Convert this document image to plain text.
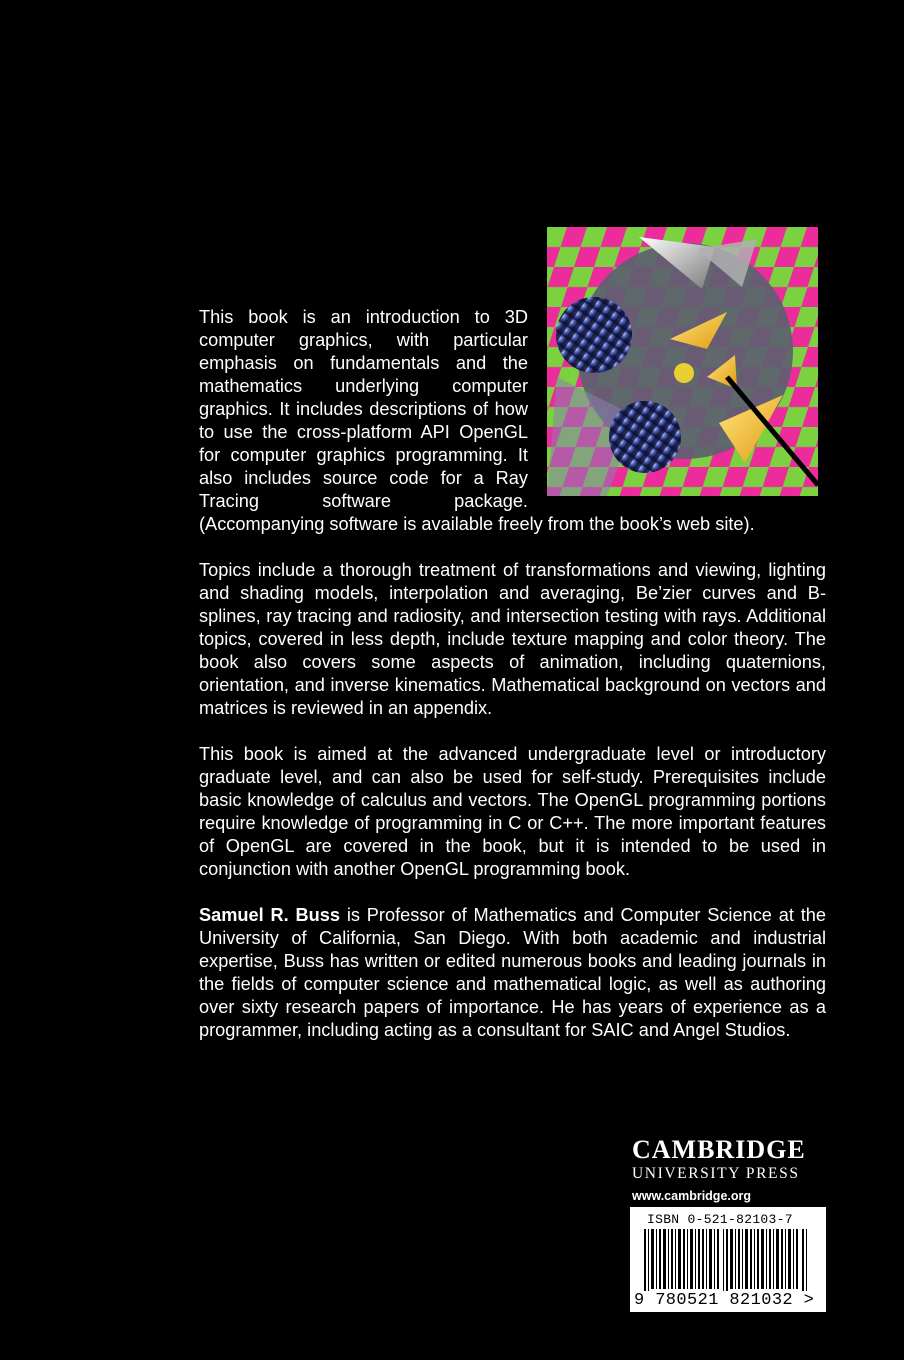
This book is an introduction to 3D computer graphics, with particular emphasis on fundamentals and the mathematics underlying computer graphics. It includes descriptions of how to use the cross-platform API OpenGL for computer graphics programming. It also includes source code for a Ray Tracing software package. (Accompanying software is available freely from the book’s web site).

Topics include a thorough treatment of transformations and viewing, lighting and shading models, interpolation and averaging, Be’zier curves and B-splines, ray tracing and radiosity, and intersection testing with rays. Additional topics, covered in less depth, include texture mapping and color theory. The book also covers some aspects of animation, including quaternions, orientation, and inverse kinematics. Mathematical background on vectors and matrices is reviewed in an appendix.

This book is aimed at the advanced undergraduate level or introductory graduate level, and can also be used for self-study. Prerequisites include basic knowledge of calculus and vectors. The OpenGL programming portions require knowledge of programming in C or C++. The more important features of OpenGL are covered in the book, but it is intended to be used in conjunction with another OpenGL programming book.

Samuel R. Buss is Professor of Mathematics and Computer Science at the University of California, San Diego. With both academic and industrial expertise, Buss has written or edited numerous books and leading journals in the fields of computer science and mathematical logic, as well as authoring over sixty research papers of importance. He has years of experience as a programmer, including acting as a consultant for SAIC and Angel Studios.

CAMBRIDGE
UNIVERSITY PRESS
www.cambridge.org
ISBN 0-521-82103-7
9 780521 821032 >
